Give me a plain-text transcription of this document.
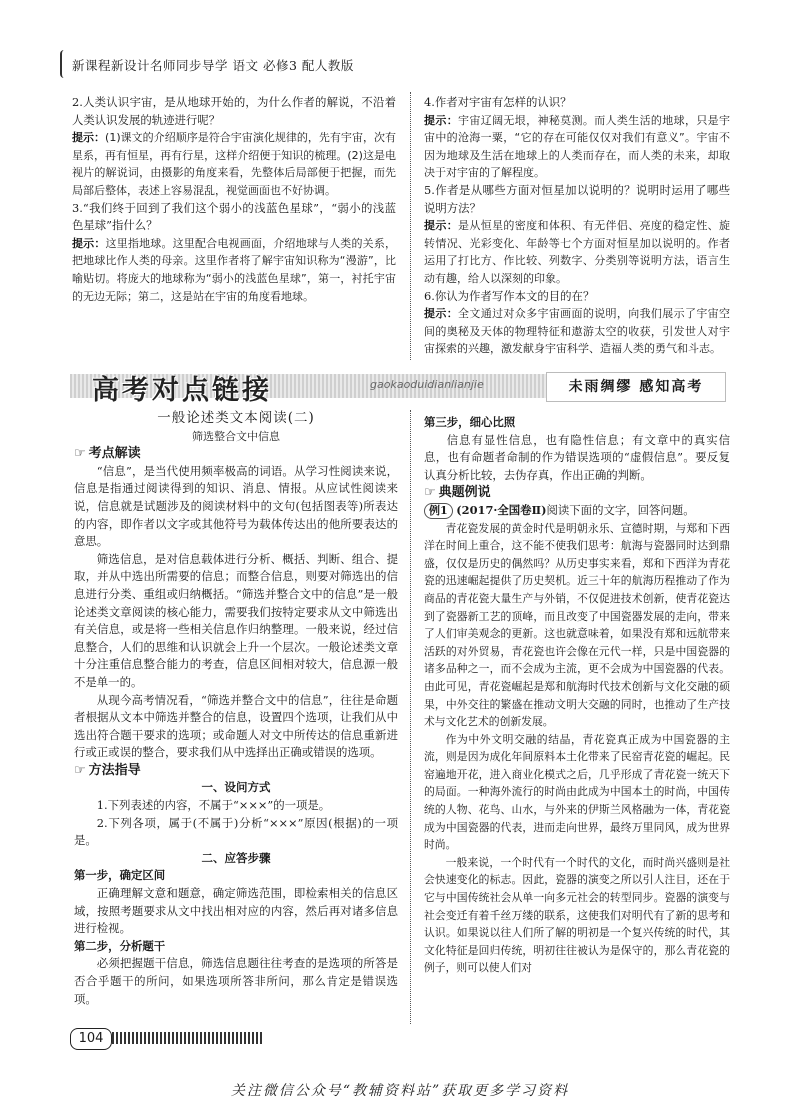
新课程新设计名师同步导学 语文 必修3 配人教版

2.人类认识宇宙，是从地球开始的，为什么作者的解说，不沿着人类认识发展的轨迹进行呢？

提示：(1)课文的介绍顺序是符合宇宙演化规律的，先有宇宙，次有星系，再有恒星，再有行星，这样介绍便于知识的梳理。(2)这是电视片的解说词，由摄影的角度来看，先整体后局部便于把握，而先局部后整体，表述上容易混乱，视觉画面也不好协调。

3.“我们终于回到了我们这个弱小的浅蓝色星球”，“弱小的浅蓝色星球”指什么？

提示：这里指地球。这里配合电视画面，介绍地球与人类的关系，把地球比作人类的母亲。这里作者将了解宇宙知识称为“漫游”，比喻贴切。将庞大的地球称为“弱小的浅蓝色星球”，第一，衬托宇宙的无边无际；第二，这是站在宇宙的角度看地球。

4.作者对宇宙有怎样的认识？

提示：宇宙辽阔无垠，神秘莫测。而人类生活的地球，只是宇宙中的沧海一粟，“它的存在可能仅仅对我们有意义”。宇宙不因为地球及生活在地球上的人类而存在，而人类的未来，却取决于对宇宙的了解程度。

5.作者是从哪些方面对恒星加以说明的？说明时运用了哪些说明方法？

提示：是从恒星的密度和体积、有无伴侣、亮度的稳定性、旋转情况、光彩变化、年龄等七个方面对恒星加以说明的。作者运用了打比方、作比较、列数字、分类别等说明方法，语言生动有趣，给人以深刻的印象。

6.你认为作者写作本文的目的在？

提示：全文通过对众多宇宙画面的说明，向我们展示了宇宙空间的奥秘及天体的物理特征和遨游太空的收获，引发世人对宇宙探索的兴趣，激发献身宇宙科学、造福人类的勇气和斗志。

高考对点链接	gaokaoduidianlianjie	未雨绸缪 感知高考

一般论述类文本阅读(二)

筛选整合文中信息

☞ 考点解读

“信息”，是当代使用频率极高的词语。从学习性阅读来说，信息是指通过阅读得到的知识、消息、情报。从应试性阅读来说，信息就是试题涉及的阅读材料中的文句(包括图表等)所表达的内容，即作者以文字或其他符号为载体传达出的他所要表达的意思。

筛选信息，是对信息载体进行分析、概括、判断、组合、提取，并从中选出所需要的信息；而整合信息，则要对筛选出的信息进行分类、重组或归纳概括。“筛选并整合文中的信息”是一般论述类文章阅读的核心能力，需要我们按特定要求从文中筛选出有关信息，或是将一些相关信息作归纳整理。一般来说，经过信息整合，人们的思维和认识就会上升一个层次。一般论述类文章十分注重信息整合能力的考查，信息区间相对较大，信息源一般不是单一的。

从现今高考情况看，“筛选并整合文中的信息”，往往是命题者根据从文本中筛选并整合的信息，设置四个选项，让我们从中选出符合题干要求的选项；或命题人对文中所传达的信息重新进行或正或误的整合，要求我们从中选择出正确或错误的选项。

☞ 方法指导

一、设问方式

1.下列表述的内容，不属于“×××”的一项是。

2.下列各项，属于(不属于)分析“×××”原因(根据)的一项是。

二、应答步骤

第一步，确定区间

正确理解文意和题意，确定筛选范围，即检索相关的信息区域，按照考题要求从文中找出相对应的内容，然后再对诸多信息进行检视。

第二步，分析题干

必须把握题干信息，筛选信息题往往考查的是选项的所答是否合乎题干的所问，如果选项所答非所问，那么肯定是错误选项。

第三步，细心比照

信息有显性信息，也有隐性信息；有文章中的真实信息，也有命题者命制的作为错误选项的“虚假信息”。要反复认真分析比较，去伪存真，作出正确的判断。

☞ 典题例说

例1 (2017·全国卷Ⅱ)阅读下面的文字，回答问题。

青花瓷发展的黄金时代是明朝永乐、宣德时期，与郑和下西洋在时间上重合，这不能不使我们思考：航海与瓷器同时达到鼎盛，仅仅是历史的偶然吗？从历史事实来看，郑和下西洋为青花瓷的迅速崛起提供了历史契机。近三十年的航海历程推动了作为商品的青花瓷大量生产与外销，不仅促进技术创新，使青花瓷达到了瓷器新工艺的顶峰，而且改变了中国瓷器发展的走向，带来了人们审美观念的更新。这也就意味着，如果没有郑和远航带来活跃的对外贸易，青花瓷也许会像在元代一样，只是中国瓷器的诸多品种之一，而不会成为主流，更不会成为中国瓷器的代表。由此可见，青花瓷崛起是郑和航海时代技术创新与文化交融的硕果，中外交往的繁盛在推动文明大交融的同时，也推动了生产技术与文化艺术的创新发展。

作为中外文明交融的结晶，青花瓷真正成为中国瓷器的主流，则是因为成化年间原料本土化带来了民窑青花瓷的崛起。民窑遍地开花，进入商业化模式之后，几乎形成了青花瓷一统天下的局面。一种海外流行的时尚由此成为中国本土的时尚，中国传统的人物、花鸟、山水，与外来的伊斯兰风格融为一体，青花瓷成为中国瓷器的代表，进而走向世界，最终万里同风，成为世界时尚。

一般来说，一个时代有一个时代的文化，而时尚兴盛则是社会快速变化的标志。因此，瓷器的演变之所以引人注目，还在于它与中国传统社会从单一向多元社会的转型同步。瓷器的演变与社会变迁有着千丝万缕的联系，这使我们对明代有了新的思考和认识。如果说以往人们所了解的明初是一个复兴传统的时代，其文化特征是回归传统，明初往往被认为是保守的，那么青花瓷的例子，则可以使人们对

104
关注微信公众号“教辅资料站”获取更多学习资料
